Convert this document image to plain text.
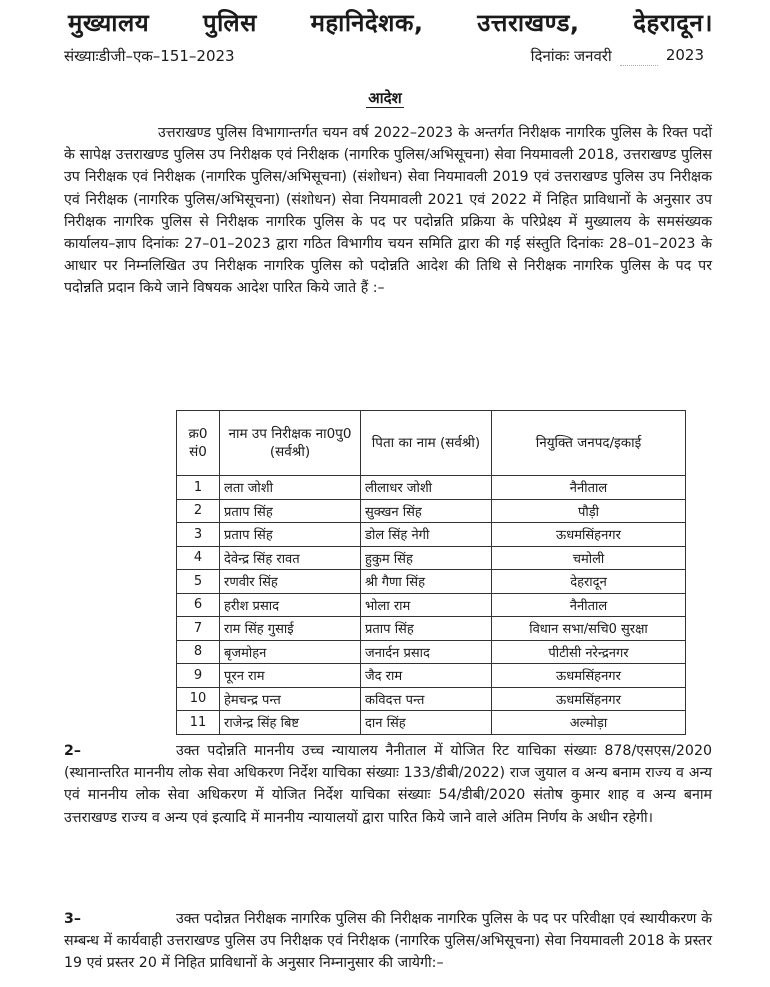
मुख्यालय पुलिस महानिदेशक, उत्तराखण्ड, देहरादून।
संख्याःडीजी–एक–151–2023	दिनांकः जनवरी	2023
आदेश
उत्तराखण्ड पुलिस विभागान्तर्गत चयन वर्ष 2022–2023 के अन्तर्गत निरीक्षक नागरिक पुलिस के रिक्त पदों के सापेक्ष उत्तराखण्ड पुलिस उप निरीक्षक एवं निरीक्षक (नागरिक पुलिस/अभिसूचना) सेवा नियमावली 2018, उत्तराखण्ड पुलिस उप निरीक्षक एवं निरीक्षक (नागरिक पुलिस/अभिसूचना) (संशोधन) सेवा नियमावली 2019 एवं उत्तराखण्ड पुलिस उप निरीक्षक एवं निरीक्षक (नागरिक पुलिस/अभिसूचना) (संशोधन) सेवा नियमावली 2021 एवं 2022 में निहित प्राविधानों के अनुसार उप निरीक्षक नागरिक पुलिस से निरीक्षक नागरिक पुलिस के पद पर पदोन्नति प्रक्रिया के परिप्रेक्ष्य में मुख्यालय के समसंख्यक कार्यालय–ज्ञाप दिनांकः 27–01–2023 द्वारा गठित विभागीय चयन समिति द्वारा की गई संस्तुति दिनांकः 28–01–2023 के आधार पर निम्नलिखित उप निरीक्षक नागरिक पुलिस को पदोन्नति आदेश की तिथि से निरीक्षक नागरिक पुलिस के पद पर पदोन्नति प्रदान किये जाने विषयक आदेश पारित किये जाते हैं :–
क्र0 सं0	नाम उप निरीक्षक ना0पु0 (सर्वश्री)	पिता का नाम (सर्वश्री)	नियुक्ति जनपद/इकाई
1	लता जोशी	लीलाधर जोशी	नैनीताल
2	प्रताप सिंह	सुक्खन सिंह	पौड़ी
3	प्रताप सिंह	डोल सिंह नेगी	ऊधमसिंहनगर
4	देवेन्द्र सिंह रावत	हुकुम सिंह	चमोली
5	रणवीर सिंह	श्री गैणा सिंह	देहरादून
6	हरीश प्रसाद	भोला राम	नैनीताल
7	राम सिंह गुसाई	प्रताप सिंह	विधान सभा/सचि0 सुरक्षा
8	बृजमोहन	जनार्दन प्रसाद	पीटीसी नरेन्द्रनगर
9	पूरन राम	जैद राम	ऊधमसिंहनगर
10	हेमचन्द्र पन्त	कविदत्त पन्त	ऊधमसिंहनगर
11	राजेन्द्र सिंह बिष्ट	दान सिंह	अल्मोड़ा
2–	उक्त पदोन्नति माननीय उच्च न्यायालय नैनीताल में योजित रिट याचिका संख्याः 878/एसएस/2020 (स्थानान्तरित माननीय लोक सेवा अधिकरण निर्देश याचिका संख्याः 133/डीबी/2022) राज जुयाल व अन्य बनाम राज्य व अन्य एवं माननीय लोक सेवा अधिकरण में योजित निर्देश याचिका संख्याः 54/डीबी/2020 संतोष कुमार शाह व अन्य बनाम उत्तराखण्ड राज्य व अन्य एवं इत्यादि में माननीय न्यायालयों द्वारा पारित किये जाने वाले अंतिम निर्णय के अधीन रहेगी।
3–	उक्त पदोन्नत निरीक्षक नागरिक पुलिस की निरीक्षक नागरिक पुलिस के पद पर परिवीक्षा एवं स्थायीकरण के सम्बन्ध में कार्यवाही उत्तराखण्ड पुलिस उप निरीक्षक एवं निरीक्षक (नागरिक पुलिस/अभिसूचना) सेवा नियमावली 2018 के प्रस्तर 19 एवं प्रस्तर 20 में निहित प्राविधानों के अनुसार निम्नानुसार की जायेगी:–
